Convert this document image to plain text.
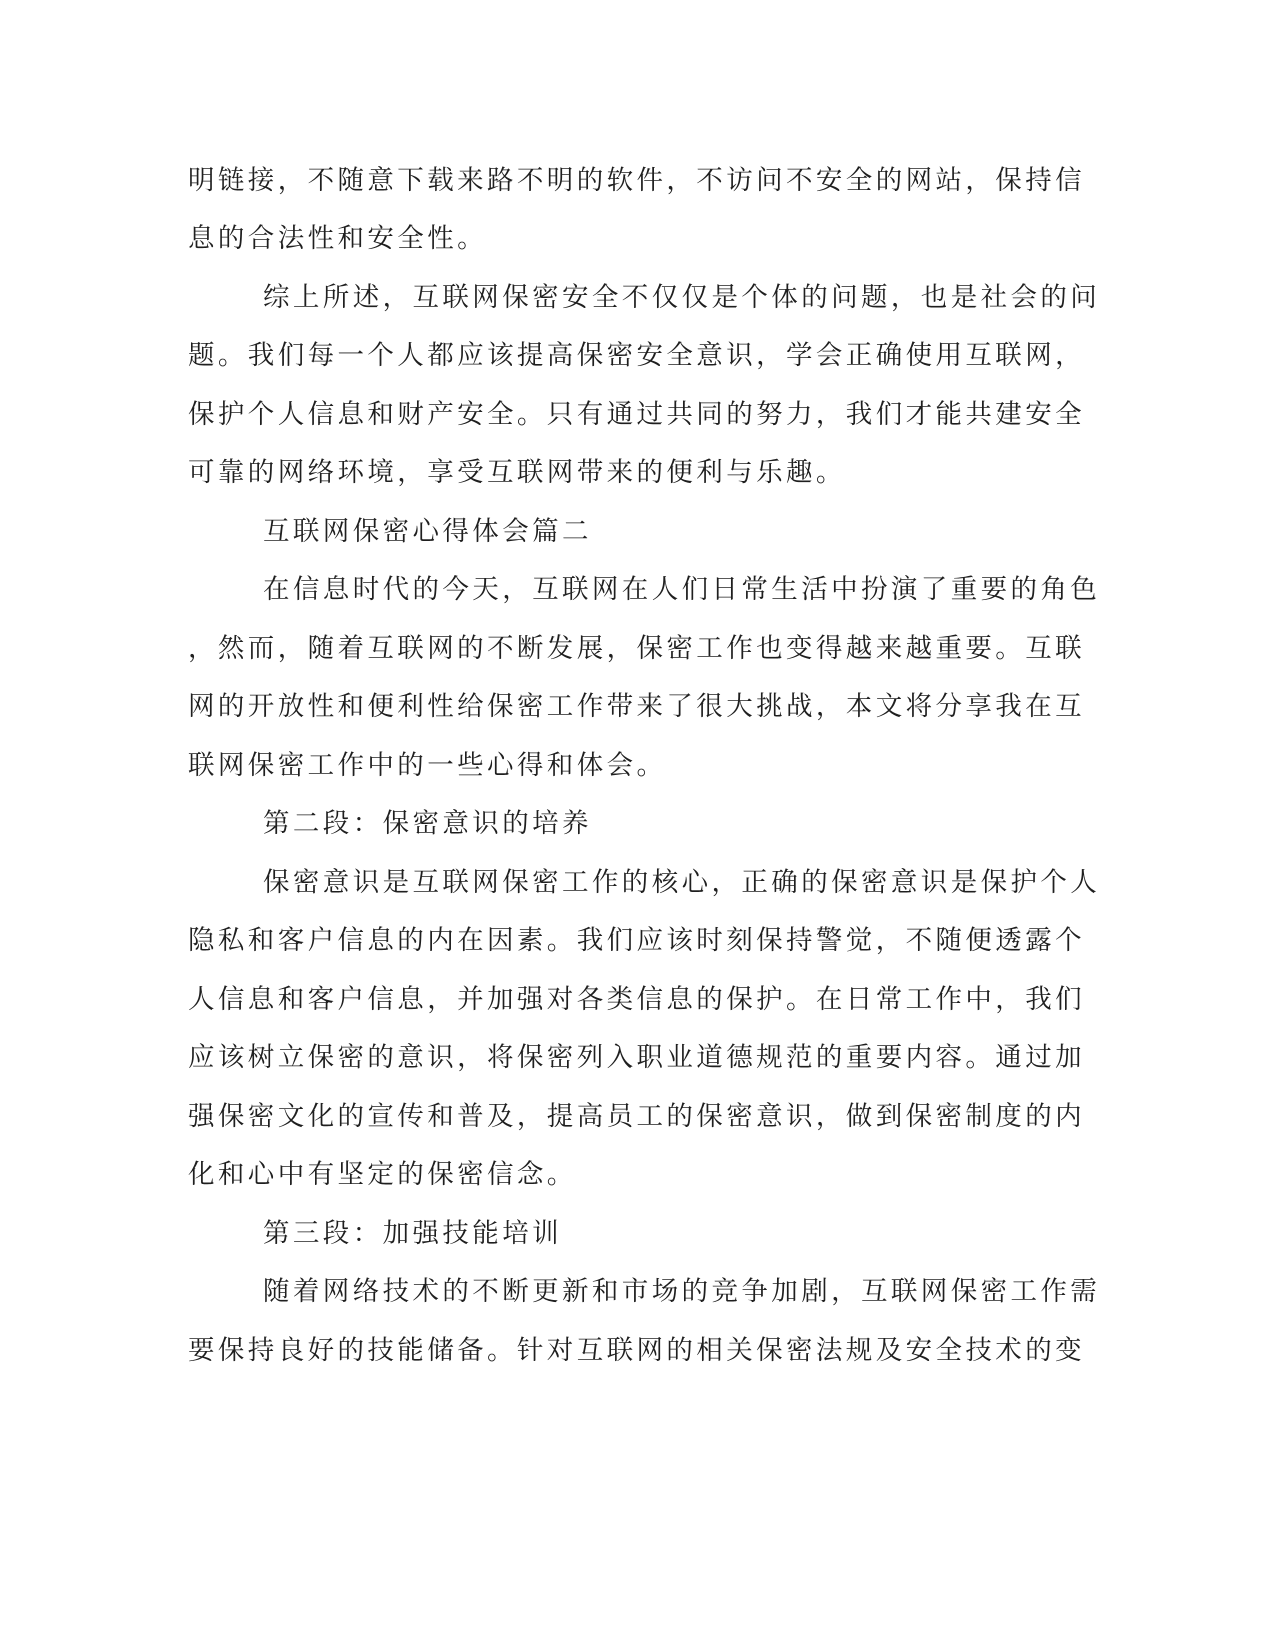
明链接，不随意下载来路不明的软件，不访问不安全的网站，保持信
息的合法性和安全性。
综上所述，互联网保密安全不仅仅是个体的问题，也是社会的问
题。我们每一个人都应该提高保密安全意识，学会正确使用互联网，
保护个人信息和财产安全。只有通过共同的努力，我们才能共建安全
可靠的网络环境，享受互联网带来的便利与乐趣。
互联网保密心得体会篇二
在信息时代的今天，互联网在人们日常生活中扮演了重要的角色
，然而，随着互联网的不断发展，保密工作也变得越来越重要。互联
网的开放性和便利性给保密工作带来了很大挑战，本文将分享我在互
联网保密工作中的一些心得和体会。
第二段：保密意识的培养
保密意识是互联网保密工作的核心，正确的保密意识是保护个人
隐私和客户信息的内在因素。我们应该时刻保持警觉，不随便透露个
人信息和客户信息，并加强对各类信息的保护。在日常工作中，我们
应该树立保密的意识，将保密列入职业道德规范的重要内容。通过加
强保密文化的宣传和普及，提高员工的保密意识，做到保密制度的内
化和心中有坚定的保密信念。
第三段：加强技能培训
随着网络技术的不断更新和市场的竞争加剧，互联网保密工作需
要保持良好的技能储备。针对互联网的相关保密法规及安全技术的变
